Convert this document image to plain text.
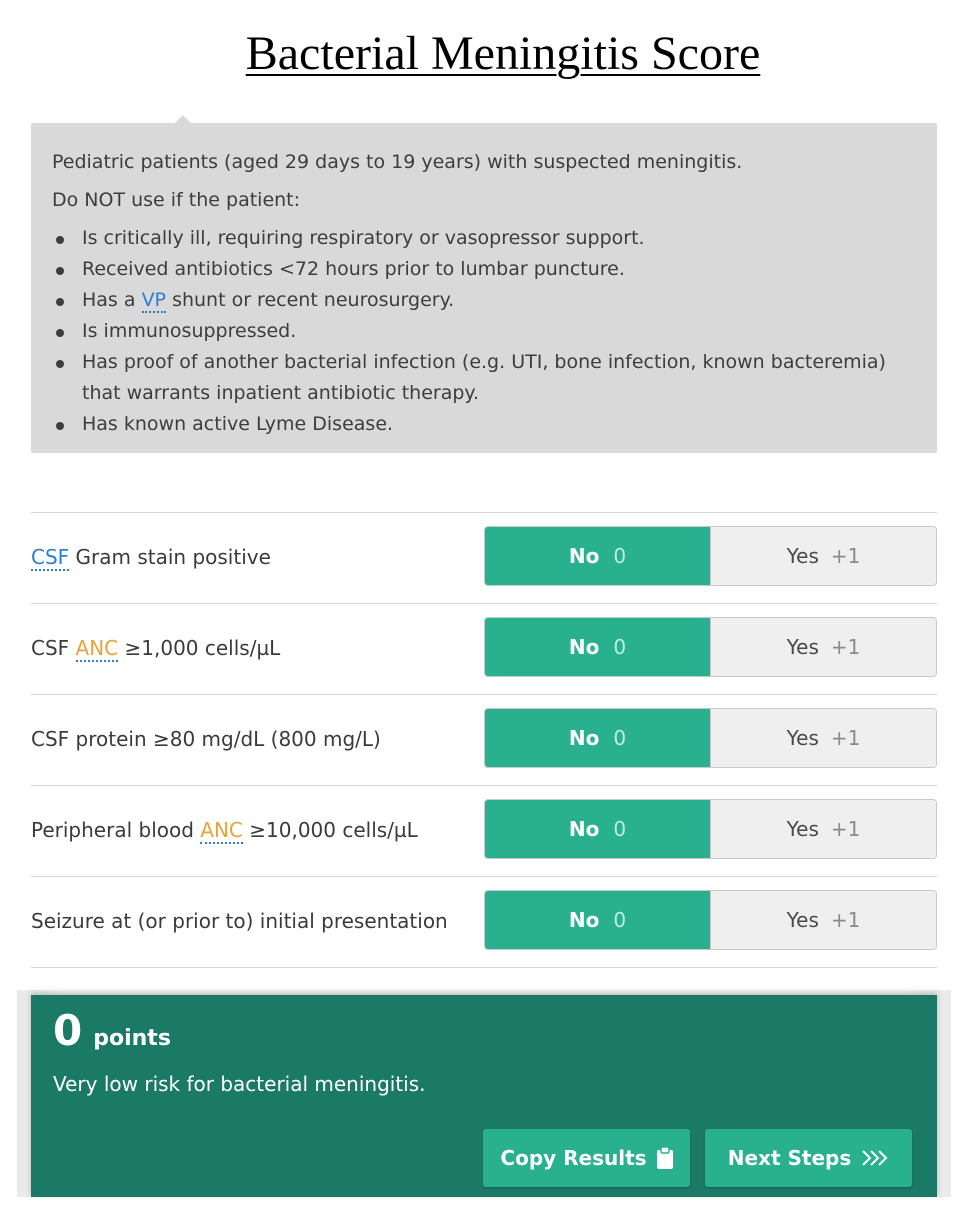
Bacterial Meningitis Score

Pediatric patients (aged 29 days to 19 years) with suspected meningitis.

Do NOT use if the patient:

Is critically ill, requiring respiratory or vasopressor support.
Received antibiotics <72 hours prior to lumbar puncture.
Has a VP shunt or recent neurosurgery.
Is immunosuppressed.
Has proof of another bacterial infection (e.g. UTI, bone infection, known bacteremia) that warrants inpatient antibiotic therapy.
Has known active Lyme Disease.
CSF Gram stain positive	No 0	Yes +1
CSF ANC ≥1,000 cells/µL	No 0	Yes +1
CSF protein ≥80 mg/dL (800 mg/L)	No 0	Yes +1
Peripheral blood ANC ≥10,000 cells/µL	No 0	Yes +1
Seizure at (or prior to) initial presentation	No 0	Yes +1
0 points
Very low risk for bacterial meningitis.
Copy Results	Next Steps
